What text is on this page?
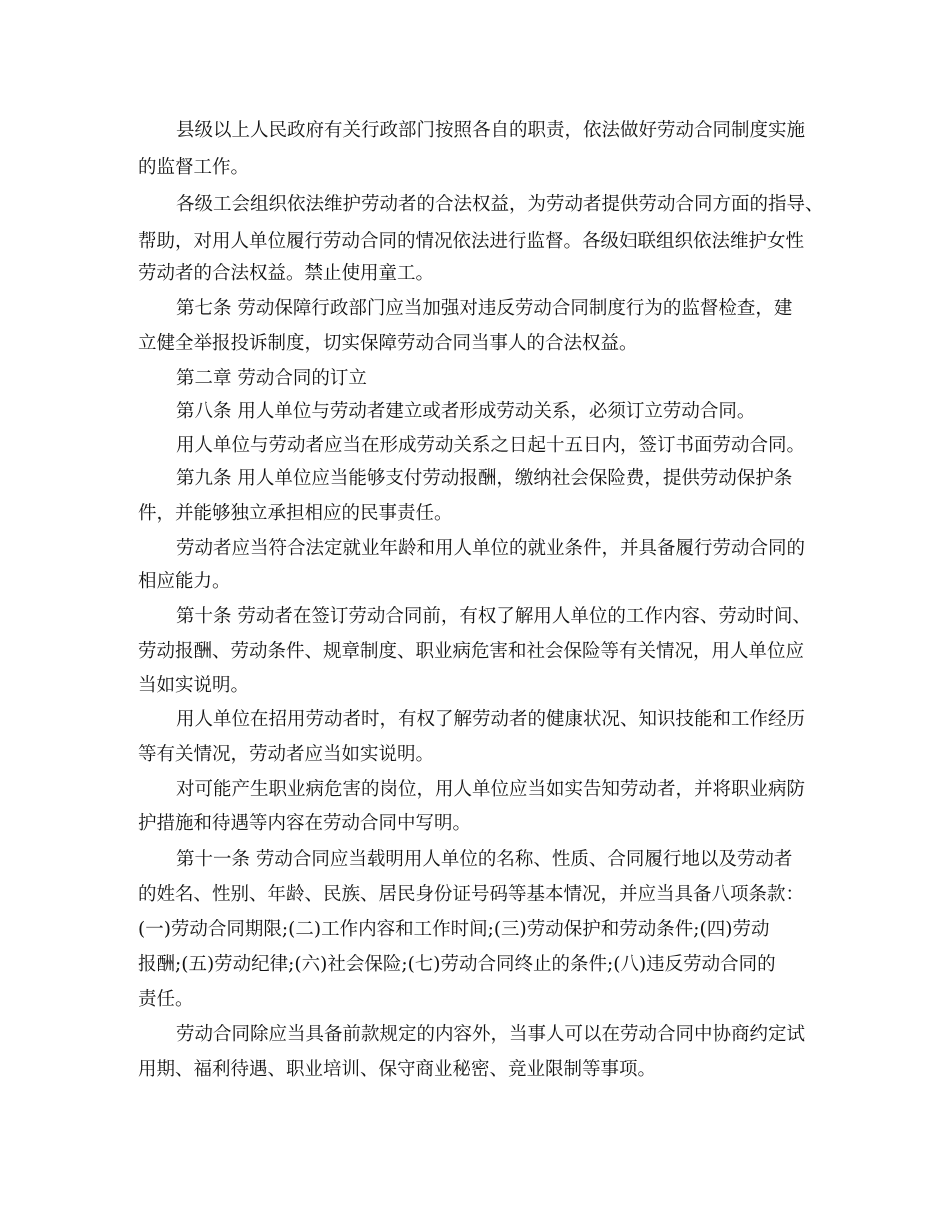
县级以上人民政府有关行政部门按照各自的职责，依法做好劳动合同制度实施

的监督工作。

各级工会组织依法维护劳动者的合法权益，为劳动者提供劳动合同方面的指导、

帮助，对用人单位履行劳动合同的情况依法进行监督。各级妇联组织依法维护女性

劳动者的合法权益。禁止使用童工。

第七条 劳动保障行政部门应当加强对违反劳动合同制度行为的监督检查，建

立健全举报投诉制度，切实保障劳动合同当事人的合法权益。

第二章 劳动合同的订立

第八条 用人单位与劳动者建立或者形成劳动关系，必须订立劳动合同。

用人单位与劳动者应当在形成劳动关系之日起十五日内，签订书面劳动合同。

第九条 用人单位应当能够支付劳动报酬，缴纳社会保险费，提供劳动保护条

件，并能够独立承担相应的民事责任。

劳动者应当符合法定就业年龄和用人单位的就业条件，并具备履行劳动合同的

相应能力。

第十条 劳动者在签订劳动合同前，有权了解用人单位的工作内容、劳动时间、

劳动报酬、劳动条件、规章制度、职业病危害和社会保险等有关情况，用人单位应

当如实说明。

用人单位在招用劳动者时，有权了解劳动者的健康状况、知识技能和工作经历

等有关情况，劳动者应当如实说明。

对可能产生职业病危害的岗位，用人单位应当如实告知劳动者，并将职业病防

护措施和待遇等内容在劳动合同中写明。

第十一条 劳动合同应当载明用人单位的名称、性质、合同履行地以及劳动者

的姓名、性别、年龄、民族、居民身份证号码等基本情况，并应当具备八项条款：

(一)劳动合同期限;(二)工作内容和工作时间;(三)劳动保护和劳动条件;(四)劳动

报酬;(五)劳动纪律;(六)社会保险;(七)劳动合同终止的条件;(八)违反劳动合同的

责任。

劳动合同除应当具备前款规定的内容外，当事人可以在劳动合同中协商约定试

用期、福利待遇、职业培训、保守商业秘密、竞业限制等事项。
